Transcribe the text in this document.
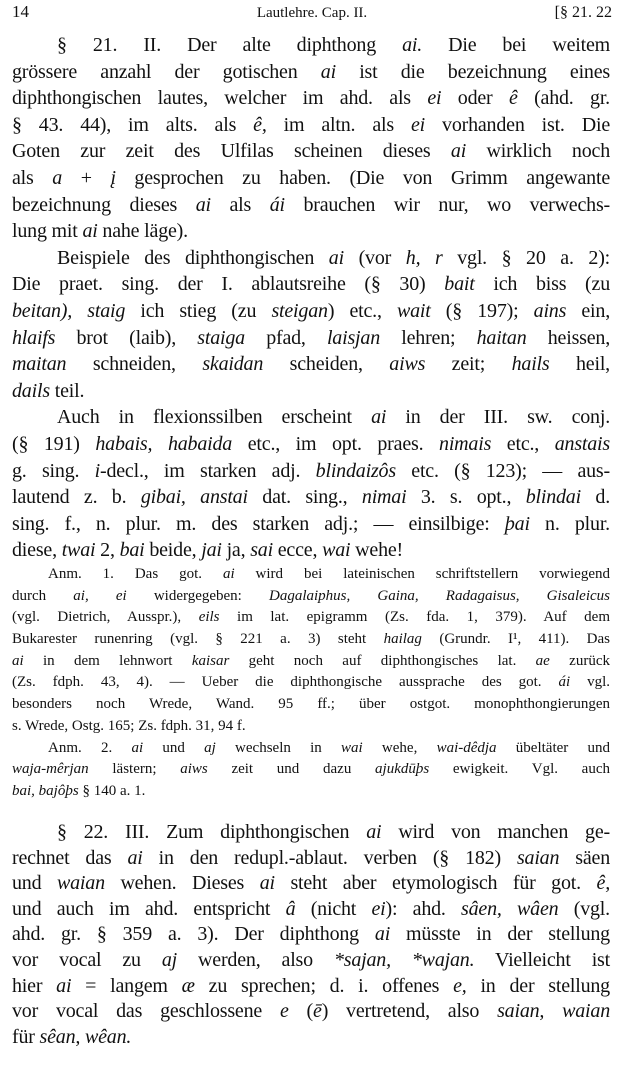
14	Lautlehre. Cap. II.	[§ 21. 22
§ 21. II. Der alte diphthong ai. Die bei weitem
grössere anzahl der gotischen ai ist die bezeichnung eines
diphthongischen lautes, welcher im ahd. als ei oder ê (ahd. gr.
§ 43. 44), im alts. als ê, im altn. als ei vorhanden ist. Die
Goten zur zeit des Ulfilas scheinen dieses ai wirklich noch
als a + į gesprochen zu haben. (Die von Grimm angewante
bezeichnung dieses ai als ái brauchen wir nur, wo verwechs-
lung mit ai nahe läge).
Beispiele des diphthongischen ai (vor h, r vgl. § 20 a. 2):
Die praet. sing. der I. ablautsreihe (§ 30) bait ich biss (zu
beitan), staig ich stieg (zu steigan) etc., wait (§ 197); ains ein,
hlaifs brot (laib), staiga pfad, laisjan lehren; haitan heissen,
maitan schneiden, skaidan scheiden, aiws zeit; hails heil,
dails teil.
Auch in flexionssilben erscheint ai in der III. sw. conj.
(§ 191) habais, habaida etc., im opt. praes. nimais etc., anstais
g. sing. i-decl., im starken adj. blindaizôs etc. (§ 123); — aus-
lautend z. b. gibai, anstai dat. sing., nimai 3. s. opt., blindai d.
sing. f., n. plur. m. des starken adj.; — einsilbige: þai n. plur.
diese, twai 2, bai beide, jai ja, sai ecce, wai wehe!
Anm. 1. Das got. ai wird bei lateinischen schriftstellern vorwiegend
durch ai, ei widergegeben: Dagalaiphus, Gaina, Radagaisus, Gisaleicus
(vgl. Dietrich, Ausspr.), eils im lat. epigramm (Zs. fda. 1, 379). Auf dem
Bukarester runenring (vgl. § 221 a. 3) steht hailag (Grundr. I¹, 411). Das
ai in dem lehnwort kaisar geht noch auf diphthongisches lat. ae zurück
(Zs. fdph. 43, 4). — Ueber die diphthongische aussprache des got. ái vgl.
besonders noch Wrede, Wand. 95 ff.; über ostgot. monophthongierungen
s. Wrede, Ostg. 165; Zs. fdph. 31, 94 f.
Anm. 2. ai und aj wechseln in wai wehe, wai-dêdja übeltäter und
waja-mêrjan lästern; aiws zeit und dazu ajukdūþs ewigkeit. Vgl. auch
bai, bajôþs § 140 a. 1.
§ 22. III. Zum diphthongischen ai wird von manchen ge-
rechnet das ai in den redupl.-ablaut. verben (§ 182) saian säen
und waian wehen. Dieses ai steht aber etymologisch für got. ê,
und auch im ahd. entspricht â (nicht ei): ahd. sâen, wâen (vgl.
ahd. gr. § 359 a. 3). Der diphthong ai müsste in der stellung
vor vocal zu aj werden, also *sajan, *wajan. Vielleicht ist
hier ai = langem æ zu sprechen; d. i. offenes e, in der stellung
vor vocal das geschlossene e (ē) vertretend, also saian, waian
für sêan, wêan.
